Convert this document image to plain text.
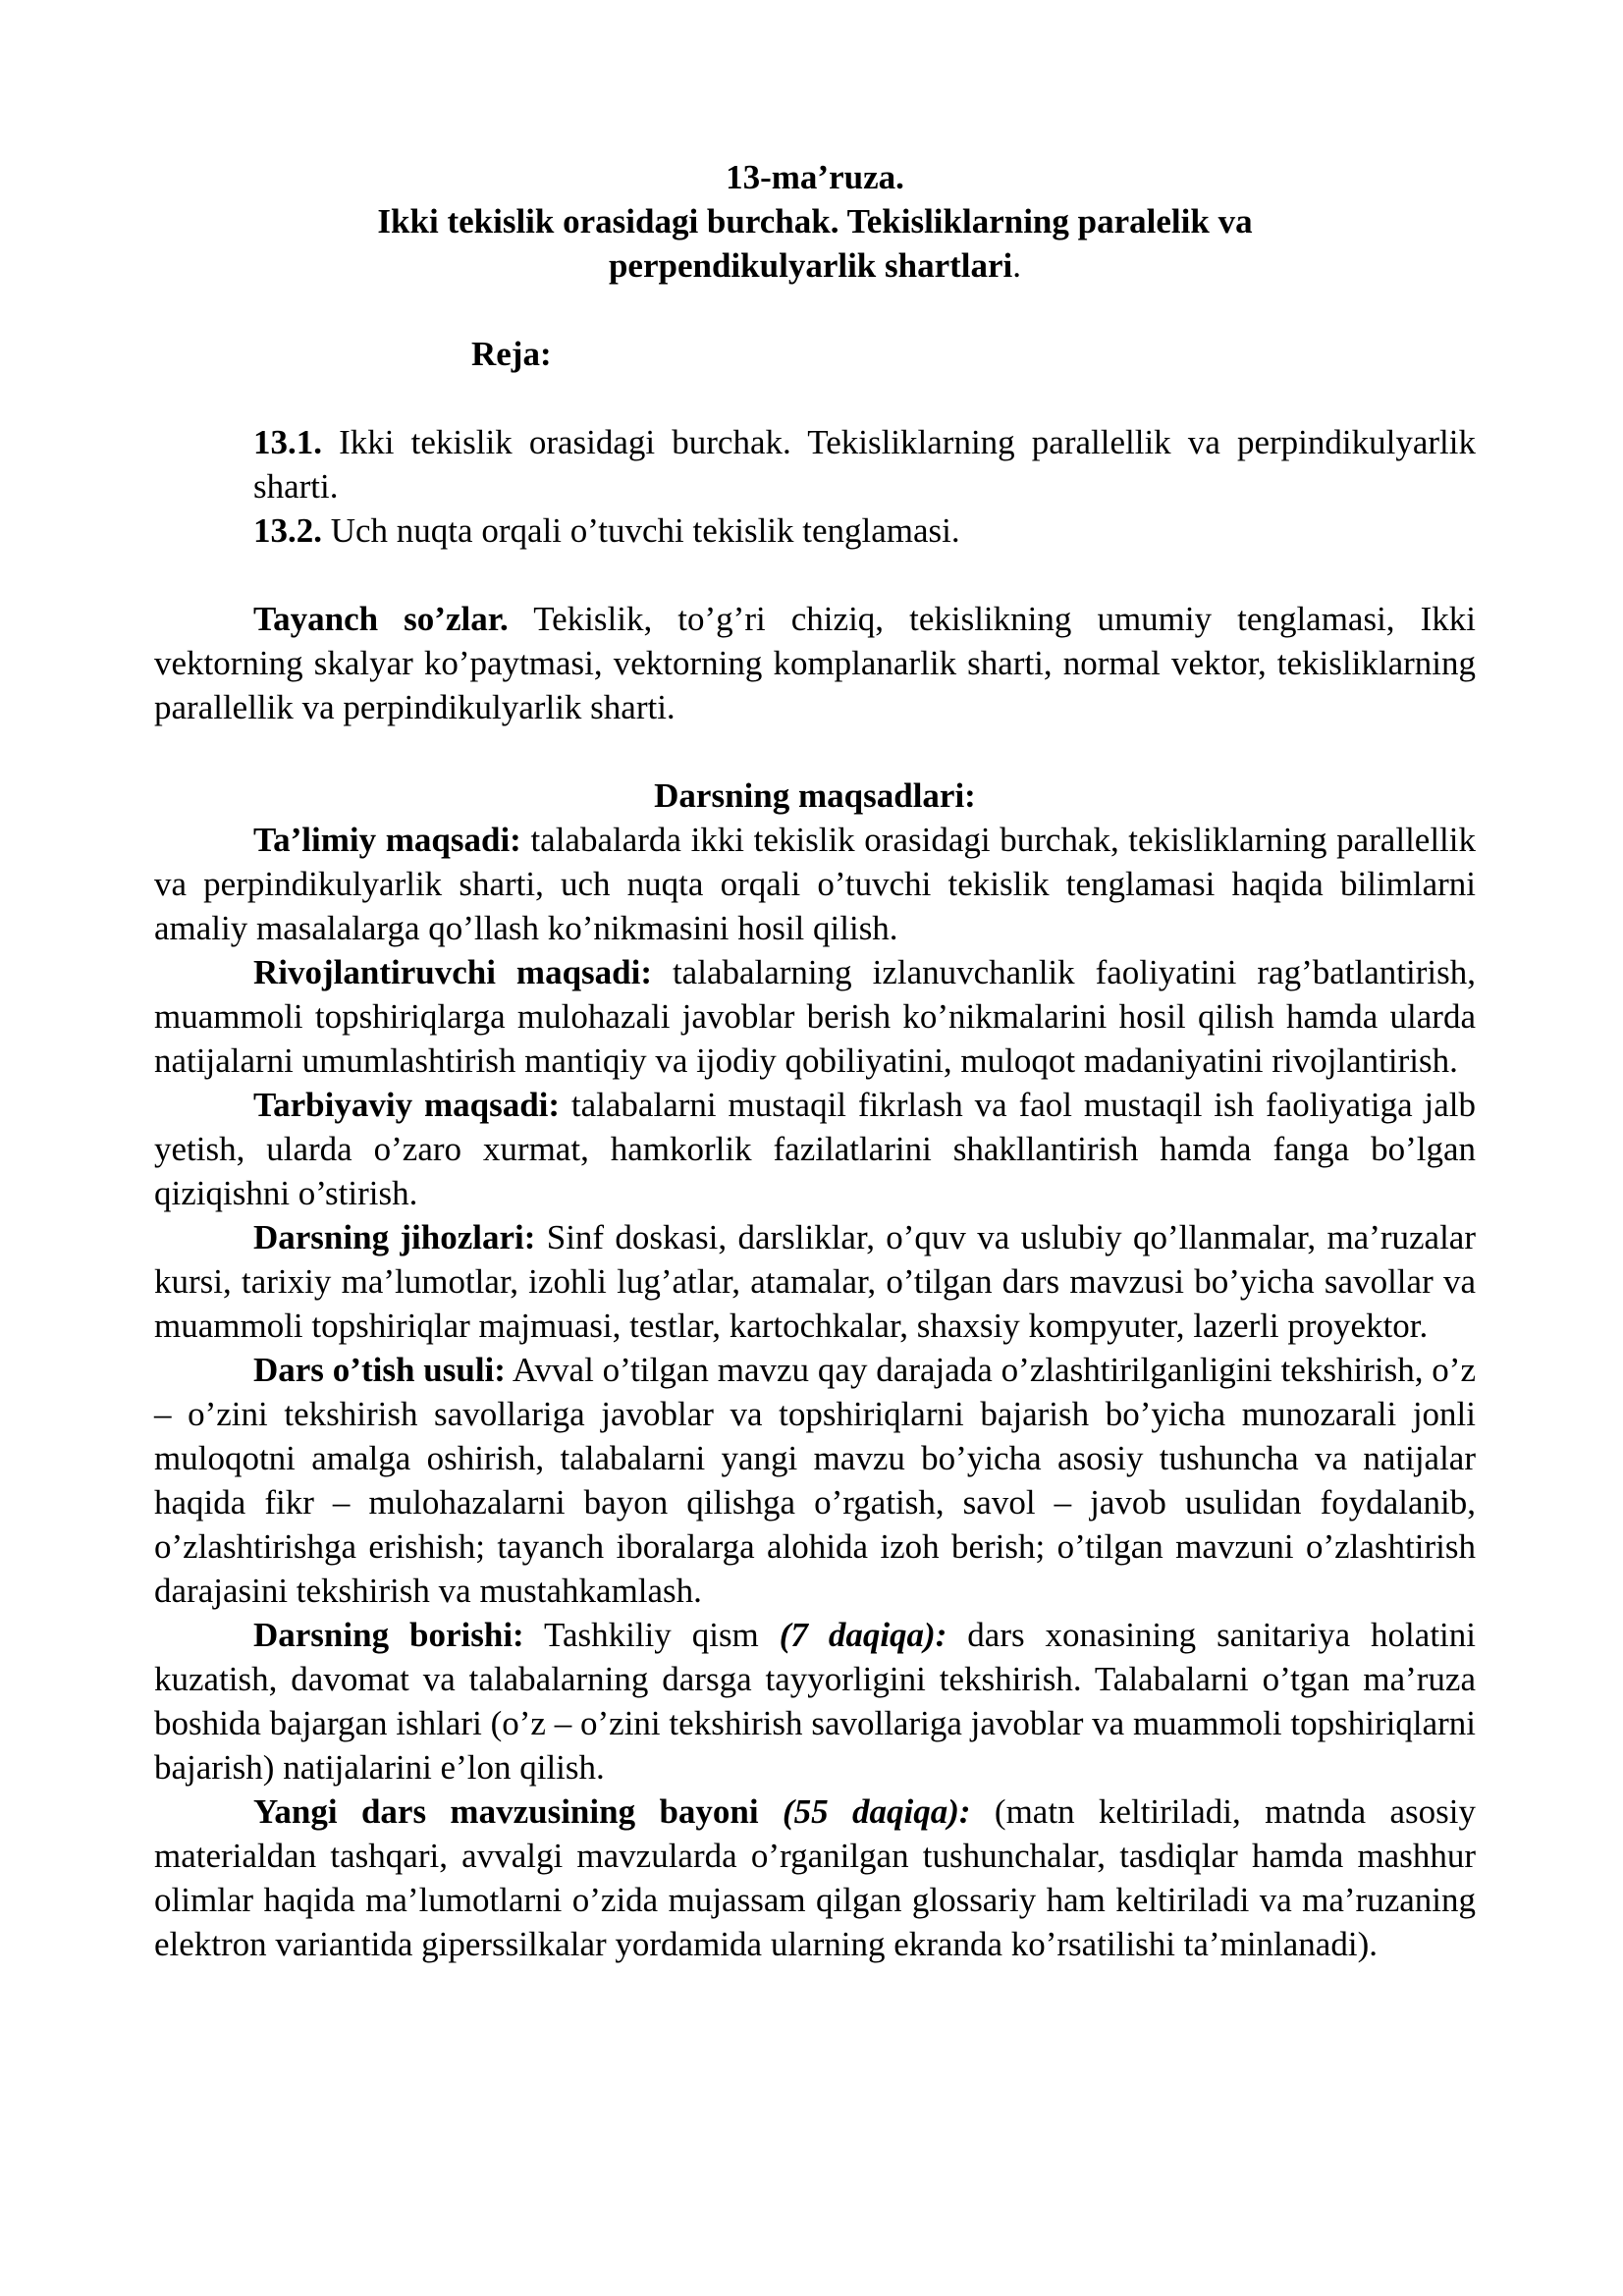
13-ma’ruza.
Ikki tekislik orasidagi burchak. Tekisliklarning paralelik va
perpendikulyarlik shartlari.
Reja:

13.1. Ikki tekislik orasidagi burchak. Tekisliklarning parallellik va perpindikulyarlik sharti.

13.2. Uch nuqta orqali o’tuvchi tekislik tenglamasi.

Tayanch so’zlar. Tekislik, to’g’ri chiziq, tekislikning umumiy tenglamasi, Ikki vektorning skalyar ko’paytmasi, vektorning komplanarlik sharti, normal vektor, tekisliklarning parallellik va perpindikulyarlik sharti.

Darsning maqsadlari:

Ta’limiy maqsadi: talabalarda ikki tekislik orasidagi burchak, tekisliklarning parallellik va perpindikulyarlik sharti, uch nuqta orqali o’tuvchi tekislik tenglamasi haqida bilimlarni amaliy masalalarga qo’llash ko’nikmasini hosil qilish.

Rivojlantiruvchi maqsadi: talabalarning izlanuvchanlik faoliyatini rag’batlantirish, muammoli topshiriqlarga mulohazali javoblar berish ko’nikmalarini hosil qilish hamda ularda natijalarni umumlashtirish mantiqiy va ijodiy qobiliyatini, muloqot madaniyatini rivojlantirish.

Tarbiyaviy maqsadi: talabalarni mustaqil fikrlash va faol mustaqil ish faoliyatiga jalb yetish, ularda o’zaro xurmat, hamkorlik fazilatlarini shakllantirish hamda fanga bo’lgan qiziqishni o’stirish.

Darsning jihozlari: Sinf doskasi, darsliklar, o’quv va uslubiy qo’llanmalar, ma’ruzalar kursi, tarixiy ma’lumotlar, izohli lug’atlar, atamalar, o’tilgan dars mavzusi bo’yicha savollar va muammoli topshiriqlar majmuasi, testlar, kartochkalar, shaxsiy kompyuter, lazerli proyektor.

Dars o’tish usuli: Avval o’tilgan mavzu qay darajada o’zlashtirilganligini tekshirish, o’z – o’zini tekshirish savollariga javoblar va topshiriqlarni bajarish bo’yicha munozarali jonli muloqotni amalga oshirish, talabalarni yangi mavzu bo’yicha asosiy tushuncha va natijalar haqida fikr – mulohazalarni bayon qilishga o’rgatish, savol – javob usulidan foydalanib, o’zlashtirishga erishish; tayanch iboralarga alohida izoh berish; o’tilgan mavzuni o’zlashtirish darajasini tekshirish va mustahkamlash.

Darsning borishi: Tashkiliy qism (7 daqiqa): dars xonasining sanitariya holatini kuzatish, davomat va talabalarning darsga tayyorligini tekshirish. Talabalarni o’tgan ma’ruza boshida bajargan ishlari (o’z – o’zini tekshirish savollariga javoblar va muammoli topshiriqlarni bajarish) natijalarini e’lon qilish.

Yangi dars mavzusining bayoni (55 daqiqa): (matn keltiriladi, matnda asosiy materialdan tashqari, avvalgi mavzularda o’rganilgan tushunchalar, tasdiqlar hamda mashhur olimlar haqida ma’lumotlarni o’zida mujassam qilgan glossariy ham keltiriladi va ma’ruzaning elektron variantida giperssilkalar yordamida ularning ekranda ko’rsatilishi ta’minlanadi).
